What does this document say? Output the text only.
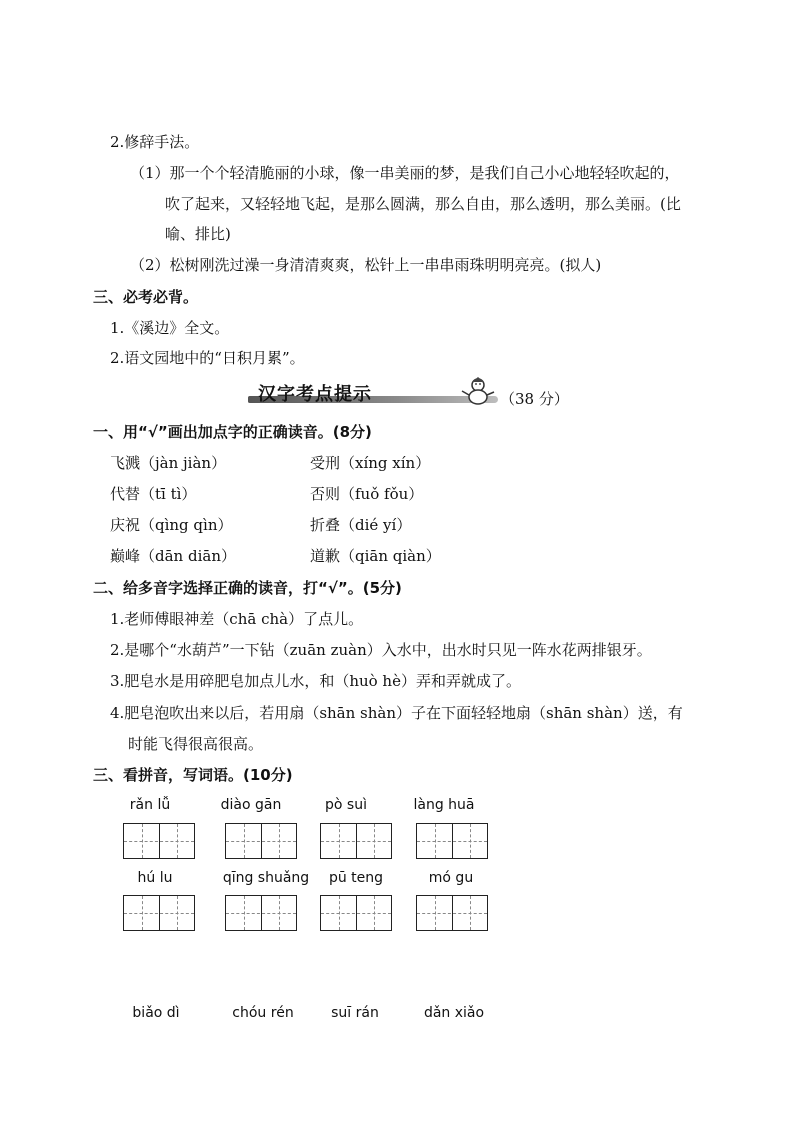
2.修辞手法。
（1）那一个个轻清脆丽的小球，像一串美丽的梦，是我们自己小心地轻轻吹起的，
吹了起来，又轻轻地飞起，是那么圆满，那么自由，那么透明，那么美丽。(比
喻、排比)
（2）松树刚洗过澡一身清清爽爽，松针上一串串雨珠明明亮亮。(拟人)
三、必考必背。
1.《溪边》全文。
2.语文园地中的“日积月累”。
汉字考点提示	（38 分）
一、用“√”画出加点字的正确读音。(8分)
飞溅（jàn jiàn）	受刑（xíng xín）
代替（tī tì）	否则（fuǒ fǒu）
庆祝（qìng qìn）	折叠（dié yí）
巅峰（dān diān）	道歉（qiān qiàn）
二、给多音字选择正确的读音，打“√”。(5分)
1.老师傅眼神差（chā chà）了点儿。
2.是哪个“水葫芦”一下钻（zuān zuàn）入水中，出水时只见一阵水花两排银牙。
3.肥皂水是用碎肥皂加点儿水，和（huò hè）弄和弄就成了。
4.肥皂泡吹出来以后，若用扇（shān shàn）子在下面轻轻地扇（shān shàn）送，有
时能飞得很高很高。
三、看拼音，写词语。(10分)
rǎn lǚ	diào gān	pò suì	làng huā
hú lu	qīng shuǎng	pū teng	mó gu
biǎo dì	chóu rén	suī rán	dǎn xiǎo
